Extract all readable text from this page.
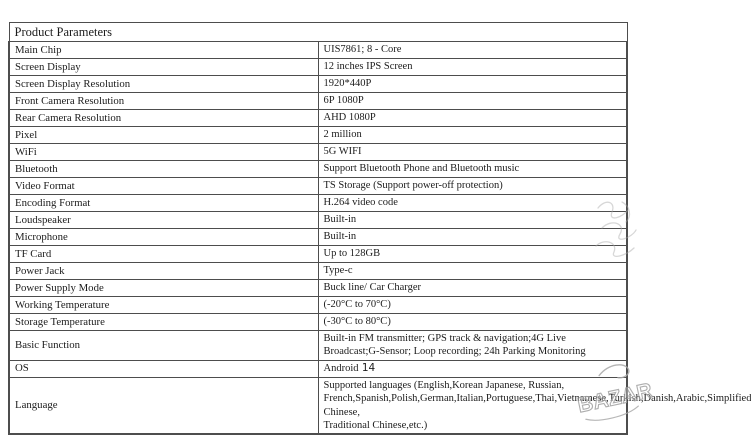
Product Parameters	
Main Chip	UIS7861; 8 - Core
Screen Display	12 inches IPS Screen
Screen Display Resolution	1920*440P
Front Camera Resolution	6P 1080P
Rear Camera Resolution	AHD 1080P
Pixel	2 million
WiFi	5G WIFI
Bluetooth	Support Bluetooth Phone and Bluetooth music
Video Format	TS Storage (Support power-off protection)
Encoding Format	H.264 video code
Loudspeaker	Built-in
Microphone	Built-in
TF Card	Up to 128GB
Power Jack	Type-c
Power Supply Mode	Buck line/ Car Charger
Working Temperature	(-20°C to 70°C)
Storage Temperature	(-30°C to 80°C)
Basic Function	Built-in FM transmitter; GPS track & navigation;4G Live Broadcast;G-Sensor; Loop recording; 24h Parking Monitoring
OS	Android 14
Language	Supported languages (English,Korean Japanese, Russian,
French,Spanish,Polish,German,Italian,Portuguese,Thai,Vietnamese,Turkish,Danish,Arabic,Simplified Chinese,
Traditional Chinese,etc.)
BAZAR
